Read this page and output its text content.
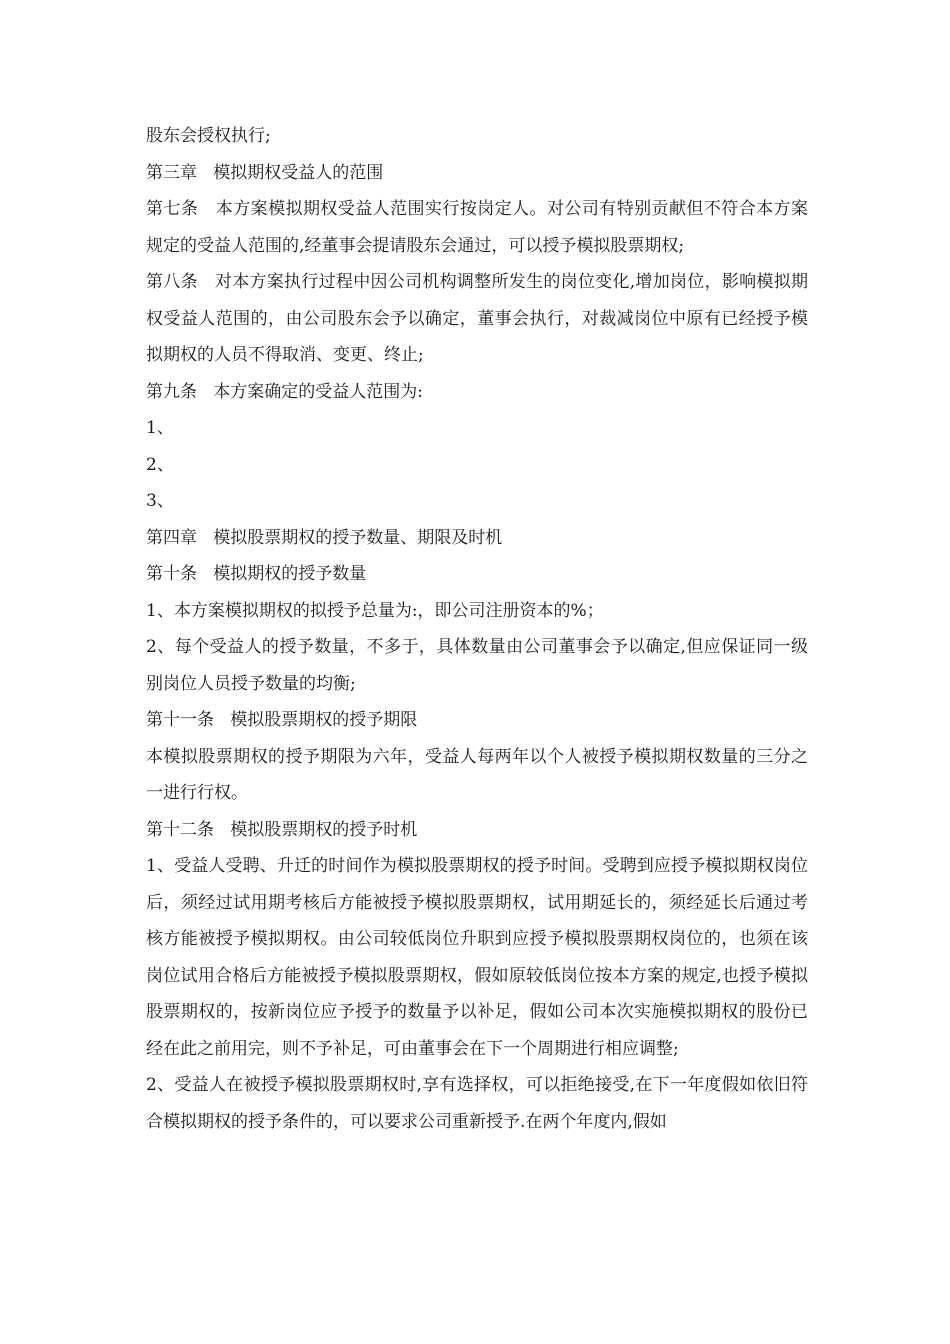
股东会授权执行;

第三章   模拟期权受益人的范围

第七条   本方案模拟期权受益人范围实行按岗定人。对公司有特别贡献但不符合本方案规定的受益人范围的,经董事会提请股东会通过，可以授予模拟股票期权;

第八条   对本方案执行过程中因公司机构调整所发生的岗位变化,增加岗位，影响模拟期权受益人范围的，由公司股东会予以确定，董事会执行，对裁减岗位中原有已经授予模拟期权的人员不得取消、变更、终止;

第九条   本方案确定的受益人范围为:

1、

2、

3、

第四章   模拟股票期权的授予数量、期限及时机

第十条   模拟期权的授予数量

1、本方案模拟期权的拟授予总量为:，即公司注册资本的%；

2、每个受益人的授予数量，不多于，具体数量由公司董事会予以确定,但应保证同一级别岗位人员授予数量的均衡;

第十一条   模拟股票期权的授予期限

本模拟股票期权的授予期限为六年，受益人每两年以个人被授予模拟期权数量的三分之一进行行权。

第十二条   模拟股票期权的授予时机

1、受益人受聘、升迁的时间作为模拟股票期权的授予时间。受聘到应授予模拟期权岗位后，须经过试用期考核后方能被授予模拟股票期权，试用期延长的，须经延长后通过考核方能被授予模拟期权。由公司较低岗位升职到应授予模拟股票期权岗位的，也须在该岗位试用合格后方能被授予模拟股票期权，假如原较低岗位按本方案的规定,也授予模拟股票期权的，按新岗位应予授予的数量予以补足，假如公司本次实施模拟期权的股份已经在此之前用完，则不予补足，可由董事会在下一个周期进行相应调整;

2、受益人在被授予模拟股票期权时,享有选择权，可以拒绝接受,在下一年度假如依旧符合模拟期权的授予条件的，可以要求公司重新授予.在两个年度内,假如
